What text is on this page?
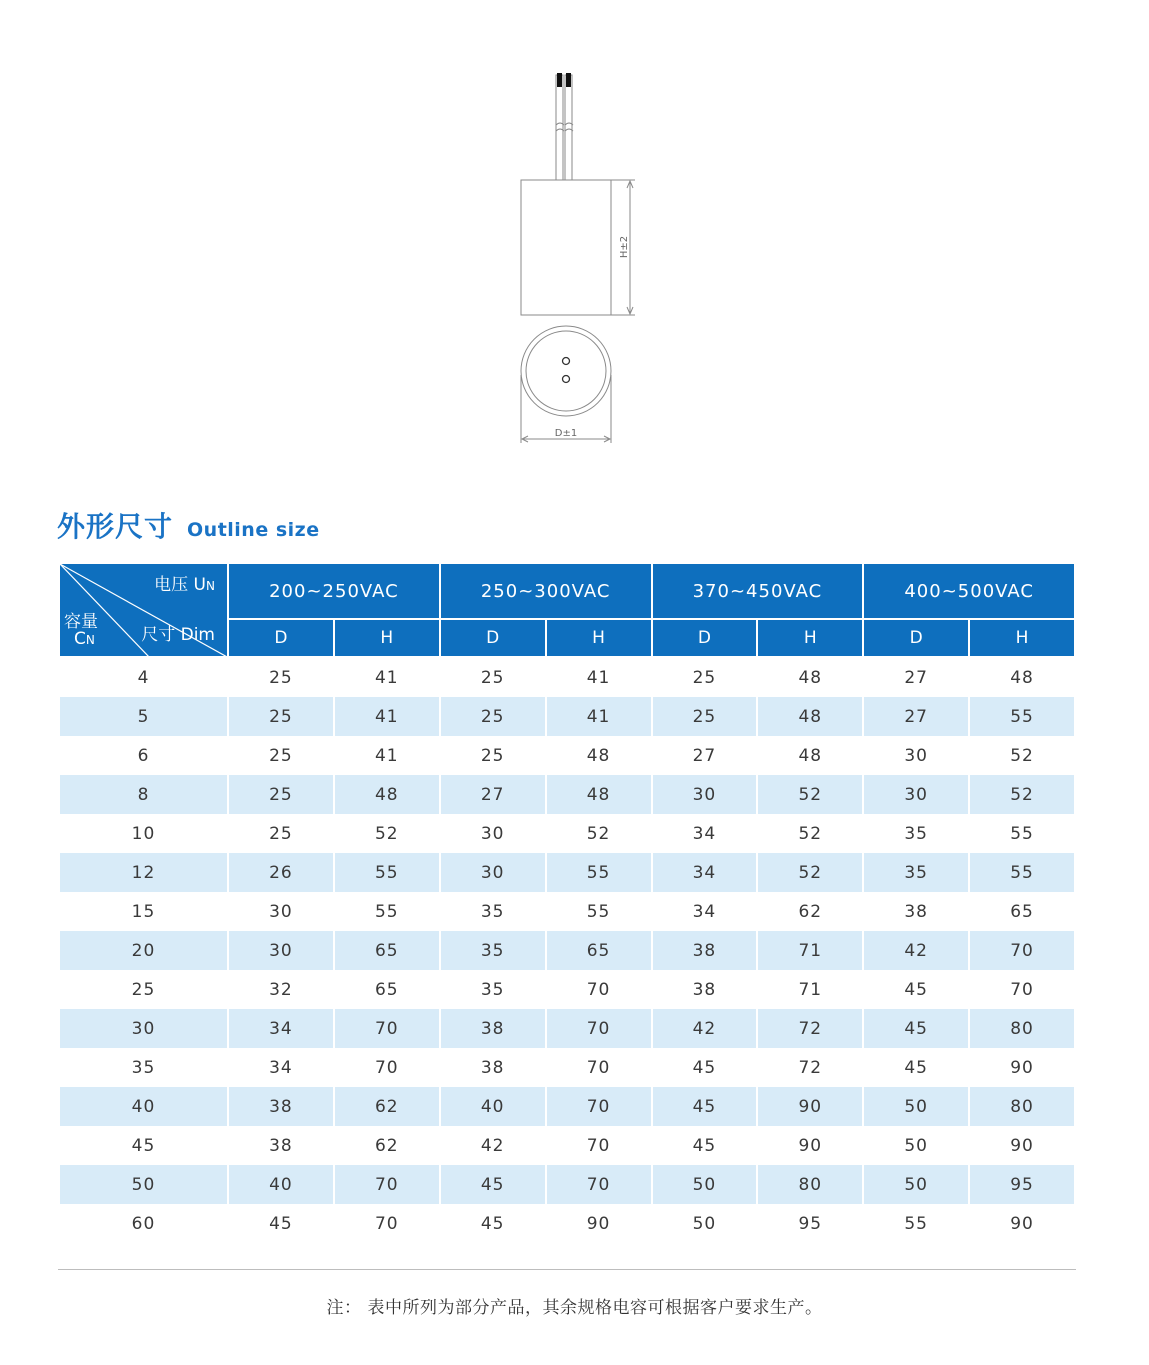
H±2
D±1
外形尺寸 Outline size
电压 UN
尺寸 Dim
容量
CN	200~250VAC		250~300VAC		370~450VAC		400~500VAC	
	D	H	D	H	D	H	D	H
4	25	41	25	41	25	48	27	48
5	25	41	25	41	25	48	27	55
6	25	41	25	48	27	48	30	52
8	25	48	27	48	30	52	30	52
10	25	52	30	52	34	52	35	55
12	26	55	30	55	34	52	35	55
15	30	55	35	55	34	62	38	65
20	30	65	35	65	38	71	42	70
25	32	65	35	70	38	71	45	70
30	34	70	38	70	42	72	45	80
35	34	70	38	70	45	72	45	90
40	38	62	40	70	45	90	50	80
45	38	62	42	70	45	90	50	90
50	40	70	45	70	50	80	50	95
60	45	70	45	90	50	95	55	90
注： 表中所列为部分产品，其余规格电容可根据客户要求生产。
